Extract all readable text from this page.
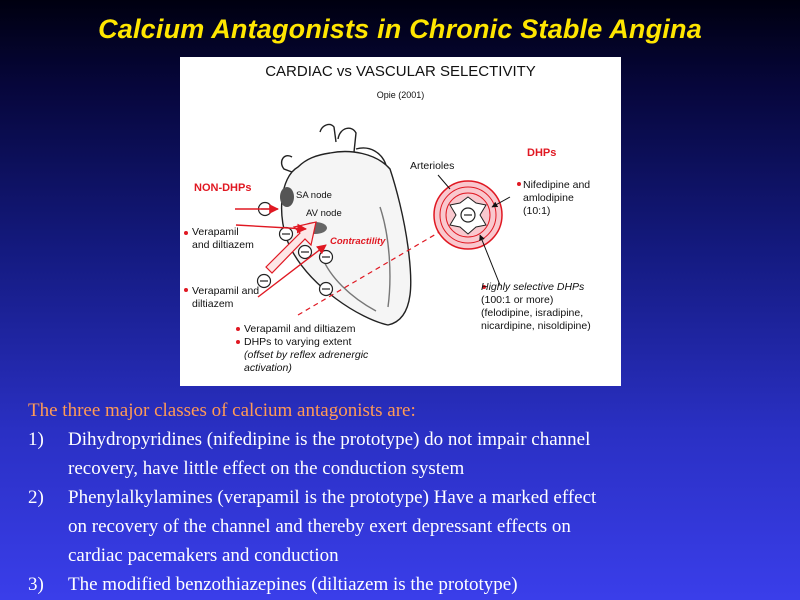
Calcium Antagonists in Chronic Stable Angina
CARDIAC vs VASCULAR SELECTIVITY
Opie (2001)
NON-DHPs
SA node
AV node
Contractility
Arterioles
DHPs
Verapamil
and diltiazem
Verapamil and
diltiazem
Verapamil and diltiazem
DHPs to varying extent
(offset by reflex adrenergic
activation)
Nifedipine and
amlodipine
(10:1)
Highly selective DHPs
(100:1 or more)
(felodipine, isradipine,
nicardipine, nisoldipine)
The three major classes of calcium antagonists are:
1)	Dihydropyridines (nifedipine is the prototype) do not impair channel
recovery, have little effect on the conduction system
2)	Phenylalkylamines (verapamil is the prototype) Have a marked effect
on recovery of the channel and thereby exert depressant effects on
cardiac pacemakers and conduction
3)	The modified benzothiazepines (diltiazem is the prototype)
